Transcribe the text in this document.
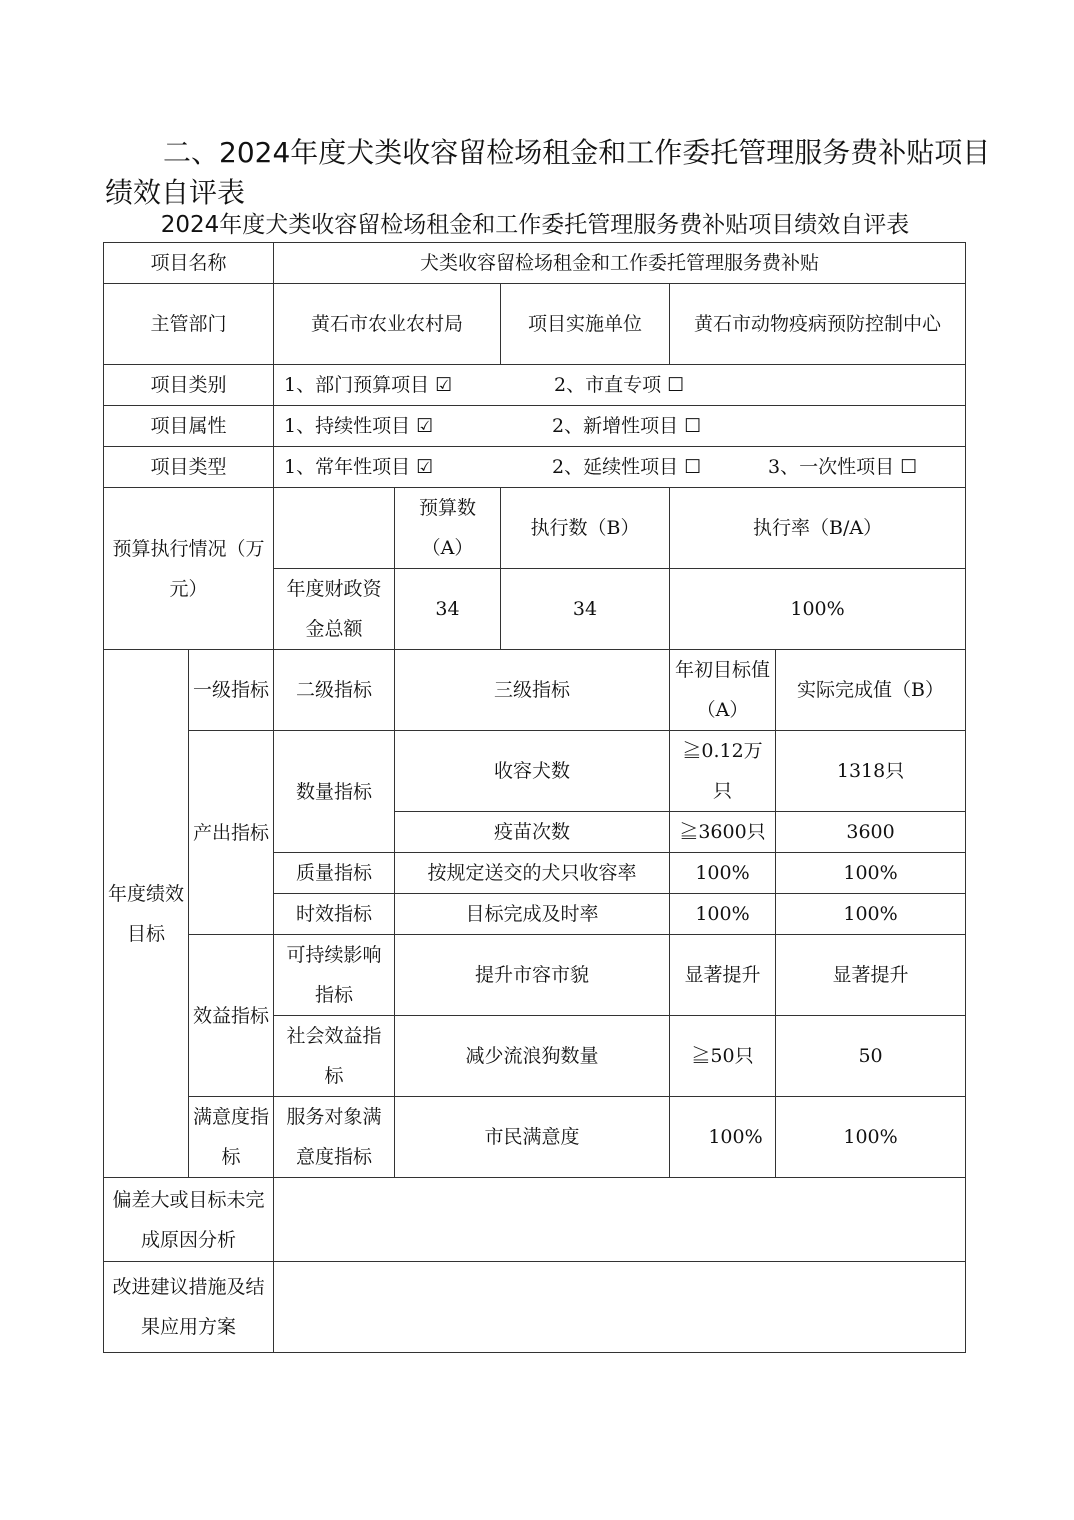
二、2024年度犬类收容留检场租金和工作委托管理服务费补贴项目
绩效自评表
2024年度犬类收容留检场租金和工作委托管理服务费补贴项目绩效自评表
项目名称		犬类收容留检场租金和工作委托管理服务费补贴				
主管部门		黄石市农业农村局		项目实施单位	黄石市动物疫病预防控制中心	
项目类别		1、部门预算项目 ☑ 2、市直专项 ☐				
项目属性		1、持续性项目 ☑ 2、新增性项目 ☐				
项目类型		1、常年性项目 ☑ 2、延续性项目 ☐ 3、一次性项目 ☐				
预算执行情况（万元）			预算数（A）	执行数（B）	执行率（B/A）	
		年度财政资金总额	34	34	100%	
年度绩效目标	一级指标	二级指标	三级指标		年初目标值（A）	实际完成值（B）
	产出指标	数量指标	收容犬数		≧0.12万只	1318只
			疫苗次数		≧3600只	3600
		质量指标	按规定送交的犬只收容率		100%	100%
		时效指标	目标完成及时率		100%	100%
	效益指标	可持续影响指标	提升市容市貌		显著提升	显著提升
		社会效益指标	减少流浪狗数量		≧50只	50
	满意度指标	服务对象满意度指标	市民满意度		100%	100%
偏差大或目标未完成原因分析						
改进建议措施及结果应用方案						
